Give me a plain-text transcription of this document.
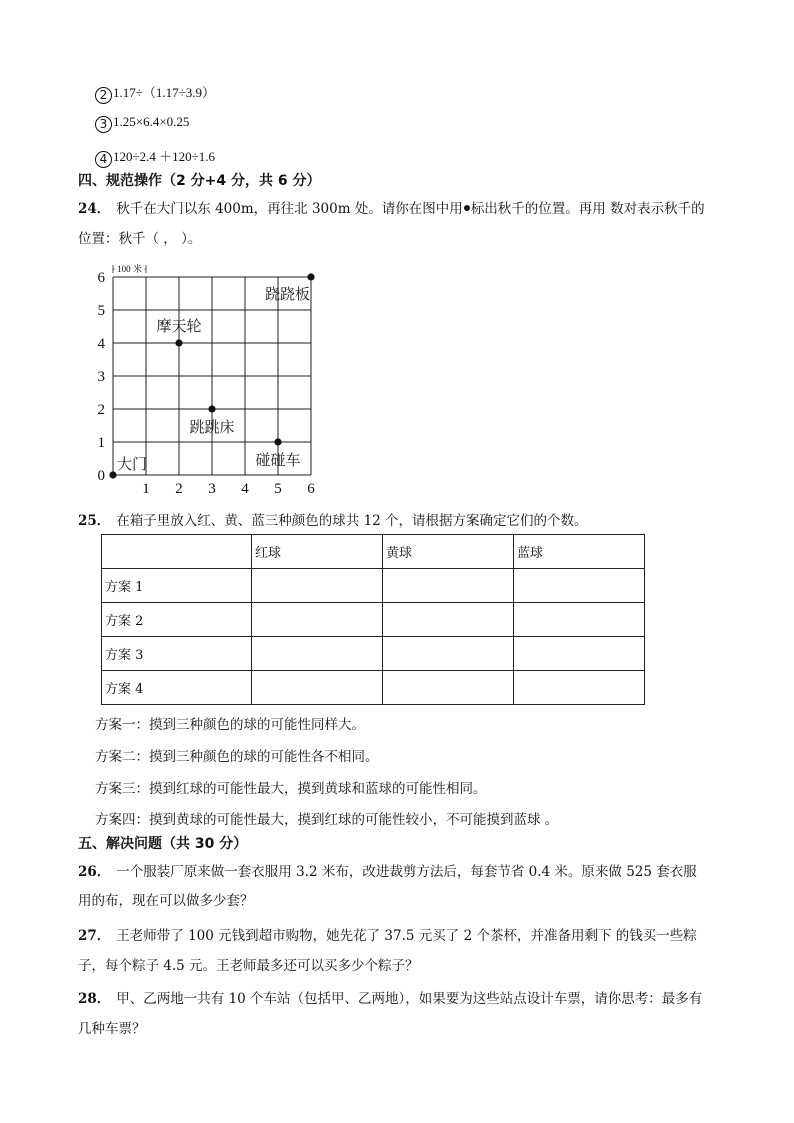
2 1.17÷（1.17÷3.9）
3 1.25×6.4×0.25
4 120÷2.4 ＋120÷1.6
四、规范操作（2 分+4 分，共 6 分）
24． 秋千在大门以东 400m，再往北 300m 处。请你在图中用 标出秋千的位置。再用 数对表示秋千的
位置：秋千（ ， ）。
100 米
1 2 3 4 5 6
0
1
2
3
4
5
6
大门
摩天轮
跳跳床
碰碰车
跷跷板
25． 在箱子里放入红、黄、蓝三种颜色的球共 12 个，请根据方案确定它们的个数。
	红球	黄球	蓝球
方案 1			
方案 2			
方案 3			
方案 4			
方案一：摸到三种颜色的球的可能性同样大。
方案二：摸到三种颜色的球的可能性各不相同。
方案三：摸到红球的可能性最大，摸到黄球和蓝球的可能性相同。
方案四：摸到黄球的可能性最大，摸到红球的可能性较小，不可能摸到蓝球 。
五、解决问题（共 30 分）
26． 一个服装厂原来做一套衣服用 3.2 米布，改进裁剪方法后，每套节省 0.4 米。原来做 525 套衣服
用的布，现在可以做多少套？
27． 王老师带了 100 元钱到超市购物，她先花了 37.5 元买了 2 个茶杯，并准备用剩下 的钱买一些粽
子，每个粽子 4.5 元。王老师最多还可以买多少个粽子？
28． 甲、乙两地一共有 10 个车站（包括甲、乙两地），如果要为这些站点设计车票，请你思考：最多有
几种车票？
